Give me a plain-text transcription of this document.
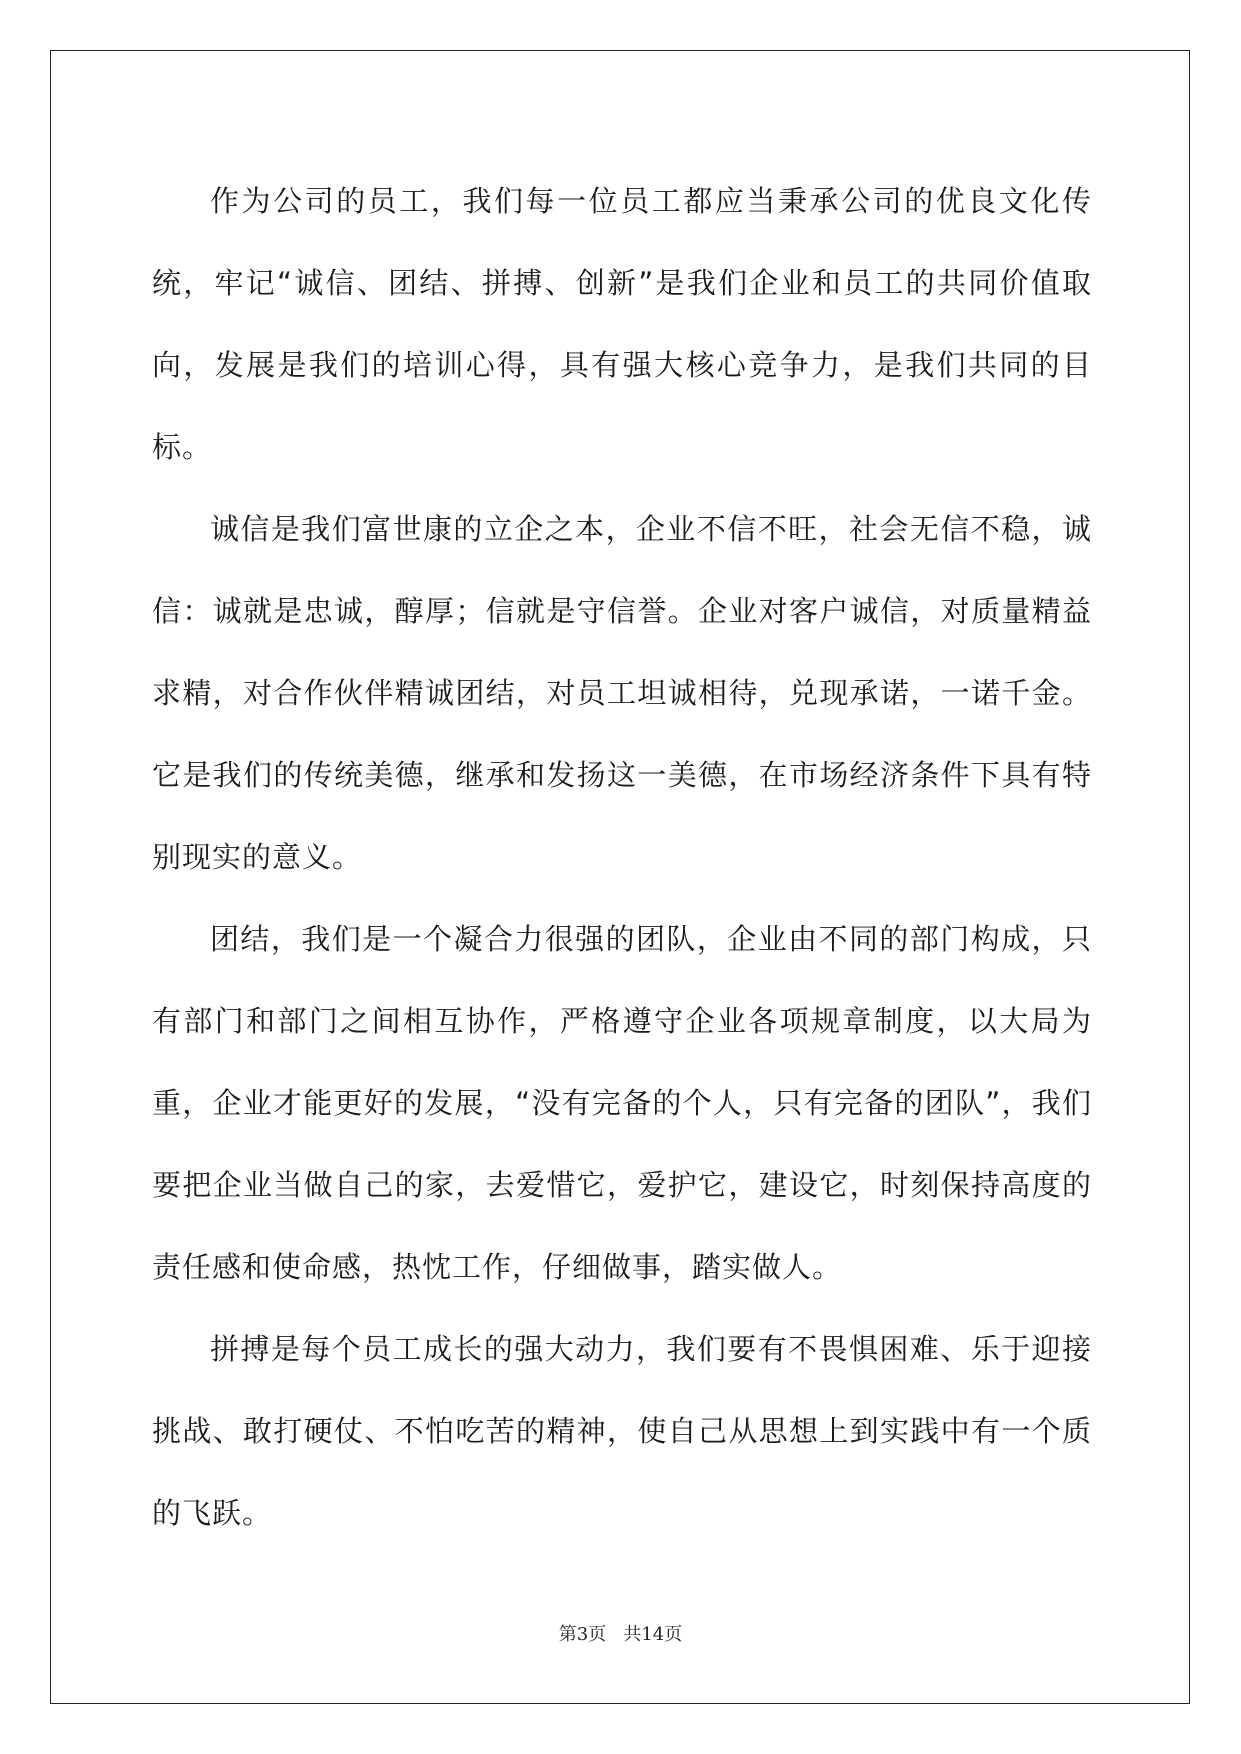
作为公司的员工，我们每一位员工都应当秉承公司的优良文化传统，牢记“诚信、团结、拼搏、创新”是我们企业和员工的共同价值取向，发展是我们的培训心得，具有强大核心竞争力，是我们共同的目标。

诚信是我们富世康的立企之本，企业不信不旺，社会无信不稳，诚信：诚就是忠诚，醇厚；信就是守信誉。企业对客户诚信，对质量精益求精，对合作伙伴精诚团结，对员工坦诚相待，兑现承诺，一诺千金。它是我们的传统美德，继承和发扬这一美德，在市场经济条件下具有特别现实的意义。

团结，我们是一个凝合力很强的团队，企业由不同的部门构成，只有部门和部门之间相互协作，严格遵守企业各项规章制度，以大局为重，企业才能更好的发展，“没有完备的个人，只有完备的团队”，我们要把企业当做自己的家，去爱惜它，爱护它，建设它，时刻保持高度的责任感和使命感，热忱工作，仔细做事，踏实做人。

拼搏是每个员工成长的强大动力，我们要有不畏惧困难、乐于迎接挑战、敢打硬仗、不怕吃苦的精神，使自己从思想上到实践中有一个质的飞跃。

第3页 共14页
